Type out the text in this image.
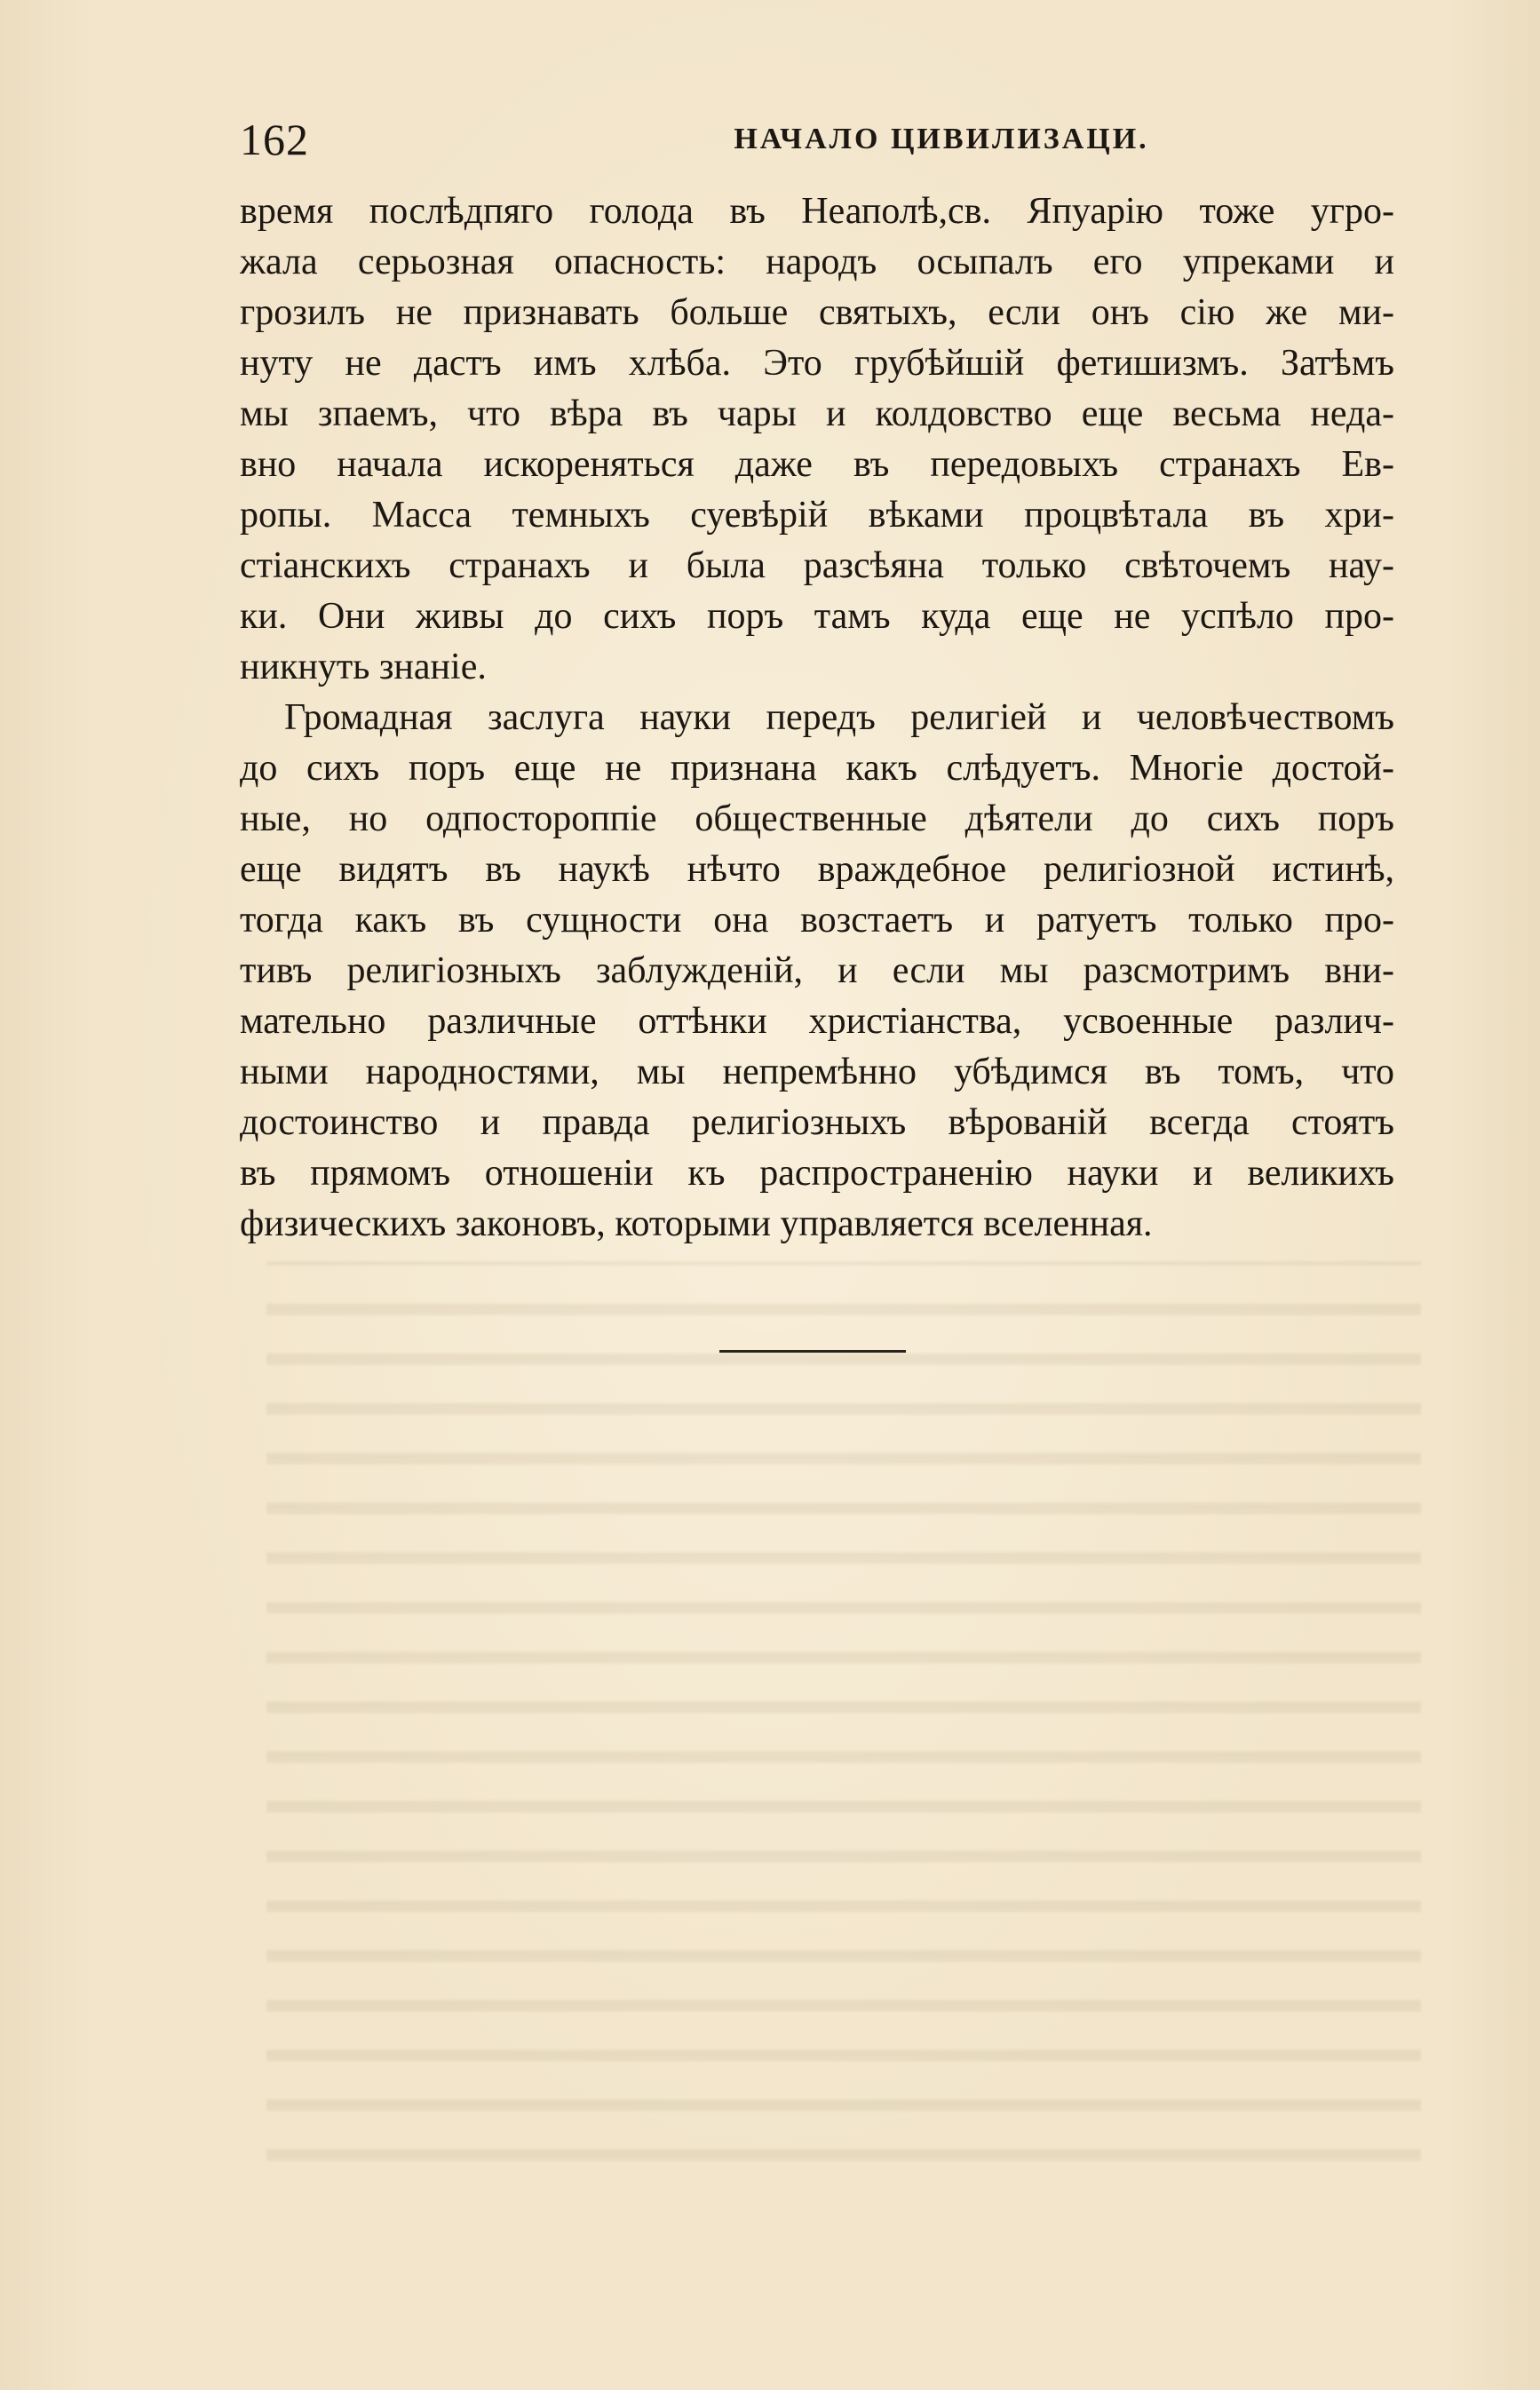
162	НАЧАЛО ЦИВИЛИЗАЦИ.
время послѣдпяго голода въ Неаполѣ,св. Япуарію тоже угро-
жала серьозная опасность: народъ осыпалъ его упреками и
грозилъ не признавать больше святыхъ, если онъ сію же ми-
нуту не дастъ имъ хлѣба. Это грубѣйшій фетишизмъ. Затѣмъ
мы зпаемъ, что вѣра въ чары и колдовство еще весьма неда-
вно начала искореняться даже въ передовыхъ странахъ Ев-
ропы. Масса темныхъ суевѣрій вѣками процвѣтала въ хри-
стіанскихъ странахъ и была разсѣяна только свѣточемъ нау-
ки. Они живы до сихъ поръ тамъ куда еще не успѣло про-
никнуть знаніе.
Громадная заслуга науки передъ религіей и человѣчествомъ
до сихъ поръ еще не признана какъ слѣдуетъ. Многіе достой-
ные, но одпостороппіе общественные дѣятели до сихъ поръ
еще видятъ въ наукѣ нѣчто враждебное религіозной истинѣ,
тогда какъ въ сущности она возстаетъ и ратуетъ только про-
тивъ религіозныхъ заблужденій, и если мы разсмотримъ вни-
мательно различные оттѣнки христіанства, усвоенные различ-
ными народностями, мы непремѣнно убѣдимся въ томъ, что
достоинство и правда религіозныхъ вѣрованій всегда стоятъ
въ прямомъ отношеніи къ распространенію науки и великихъ
физическихъ законовъ, которыми управляется вселенная.
